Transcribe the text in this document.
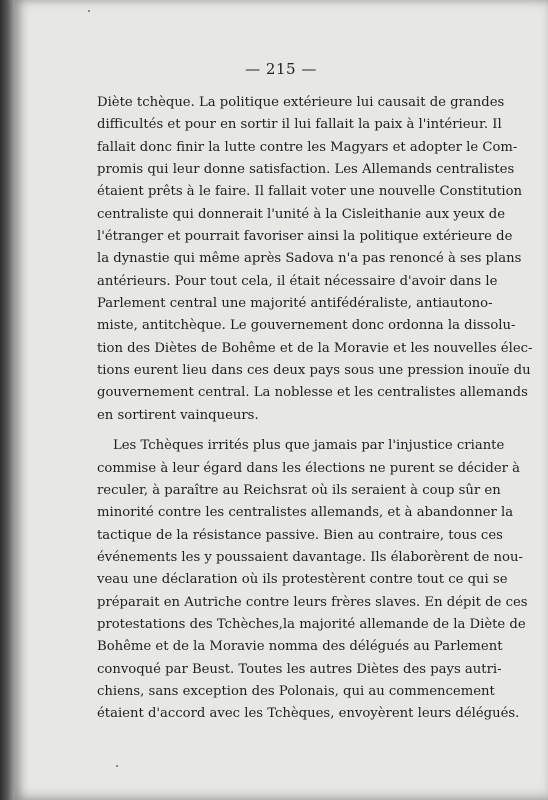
— 215 —
Diète tchèque. La politique extérieure lui causait de grandes
difficultés et pour en sortir il lui fallait la paix à l'intérieur. Il
fallait donc finir la lutte contre les Magyars et adopter le Com-
promis qui leur donne satisfaction. Les Allemands centralistes
étaient prêts à le faire. Il fallait voter une nouvelle Constitution
centraliste qui donnerait l'unité à la Cisleithanie aux yeux de
l'étranger et pourrait favoriser ainsi la politique extérieure de
la dynastie qui même après Sadova n'a pas renoncé à ses plans
antérieurs. Pour tout cela, il était nécessaire d'avoir dans le
Parlement central une majorité antifédéraliste, antiautono-
miste, antitchèque. Le gouvernement donc ordonna la dissolu-
tion des Diètes de Bohême et de la Moravie et les nouvelles élec-
tions eurent lieu dans ces deux pays sous une pression inouïe du
gouvernement central. La noblesse et les centralistes allemands
en sortirent vainqueurs.
Les Tchèques irrités plus que jamais par l'injustice criante
commise à leur égard dans les élections ne purent se décider à
reculer, à paraître au Reichsrat où ils seraient à coup sûr en
minorité contre les centralistes allemands, et à abandonner la
tactique de la résistance passive. Bien au contraire, tous ces
événements les y poussaient davantage. Ils élaborèrent de nou-
veau une déclaration où ils protestèrent contre tout ce qui se
préparait en Autriche contre leurs frères slaves. En dépit de ces
protestations des Tchèches,la majorité allemande de la Diète de
Bohême et de la Moravie nomma des délégués au Parlement
convoqué par Beust. Toutes les autres Diètes des pays autri-
chiens, sans exception des Polonais, qui au commencement
étaient d'accord avec les Tchèques, envoyèrent leurs délégués.
